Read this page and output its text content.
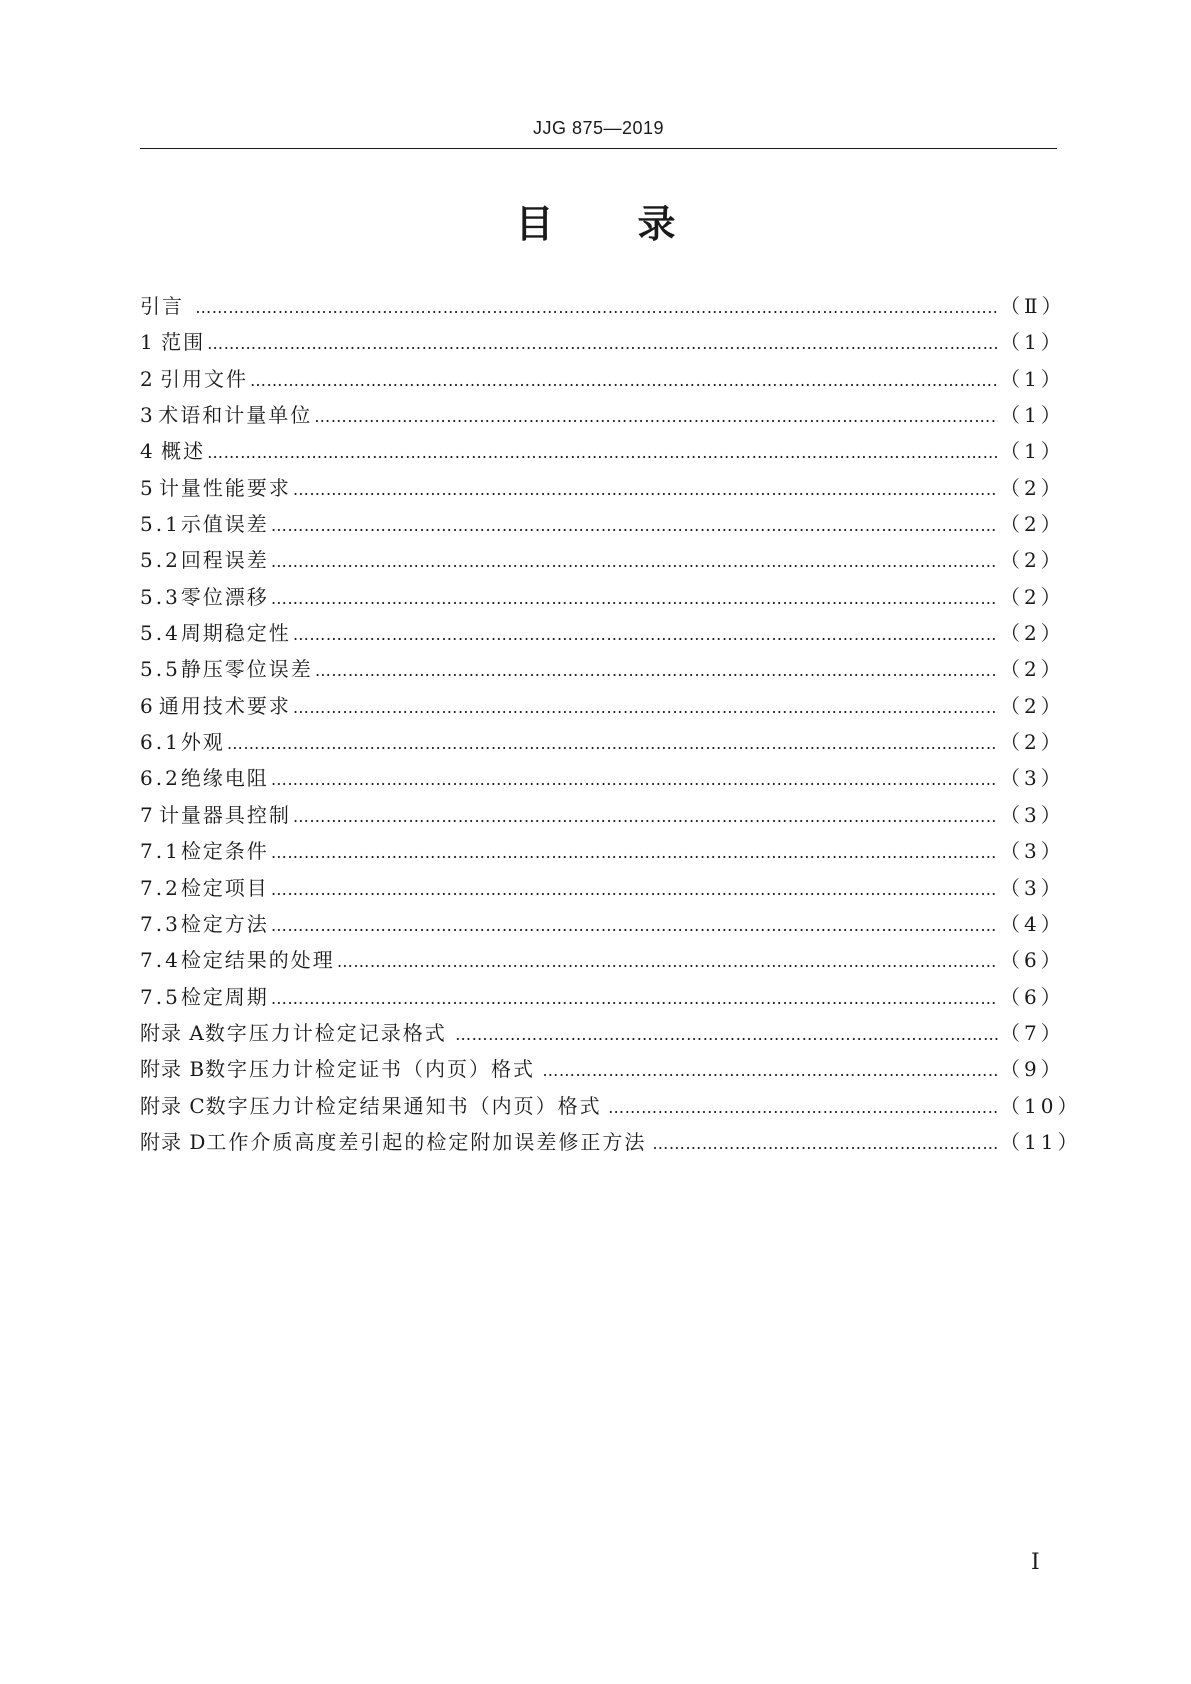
JJG 875—2019
目 录
引言 ………………………………………………………………………………………………………………………………………………………………………………………………………………………………	（Ⅱ）
1 范围 ………………………………………………………………………………………………………………………………………………………………………………………………………………………………	（1）
2 引用文件 ………………………………………………………………………………………………………………………………………………………………………………………………………………………………	（1）
3 术语和计量单位 ………………………………………………………………………………………………………………………………………………………………………………………………………………………………	（1）
4 概述 ………………………………………………………………………………………………………………………………………………………………………………………………………………………………	（1）
5 计量性能要求 ………………………………………………………………………………………………………………………………………………………………………………………………………………………………	（2）
5.1 示值误差 ………………………………………………………………………………………………………………………………………………………………………………………………………………………………	（2）
5.2 回程误差 ………………………………………………………………………………………………………………………………………………………………………………………………………………………………	（2）
5.3 零位漂移 ………………………………………………………………………………………………………………………………………………………………………………………………………………………………	（2）
5.4 周期稳定性 ………………………………………………………………………………………………………………………………………………………………………………………………………………………………	（2）
5.5 静压零位误差 ………………………………………………………………………………………………………………………………………………………………………………………………………………………………	（2）
6 通用技术要求 ………………………………………………………………………………………………………………………………………………………………………………………………………………………………	（2）
6.1 外观 ………………………………………………………………………………………………………………………………………………………………………………………………………………………………	（2）
6.2 绝缘电阻 ………………………………………………………………………………………………………………………………………………………………………………………………………………………………	（3）
7 计量器具控制 ………………………………………………………………………………………………………………………………………………………………………………………………………………………………	（3）
7.1 检定条件 ………………………………………………………………………………………………………………………………………………………………………………………………………………………………	（3）
7.2 检定项目 ………………………………………………………………………………………………………………………………………………………………………………………………………………………………	（3）
7.3 检定方法 ………………………………………………………………………………………………………………………………………………………………………………………………………………………………	（4）
7.4 检定结果的处理 ………………………………………………………………………………………………………………………………………………………………………………………………………………………………	（6）
7.5 检定周期 ………………………………………………………………………………………………………………………………………………………………………………………………………………………………	（6）
附录 A 数字压力计检定记录格式 ………………………………………………………………………………………………………………………………………………………………………………………………………………………………	（7）
附录 B 数字压力计检定证书（内页）格式 ………………………………………………………………………………………………………………………………………………………………………………………………………………………………	（9）
附录 C 数字压力计检定结果通知书（内页）格式 ………………………………………………………………………………………………………………………………………………………………………………………………………………………………	（10）
附录 D 工作介质高度差引起的检定附加误差修正方法 ………………………………………………………………………………………………………………………………………………………………………………………………………………………………	（11）
Ⅰ
